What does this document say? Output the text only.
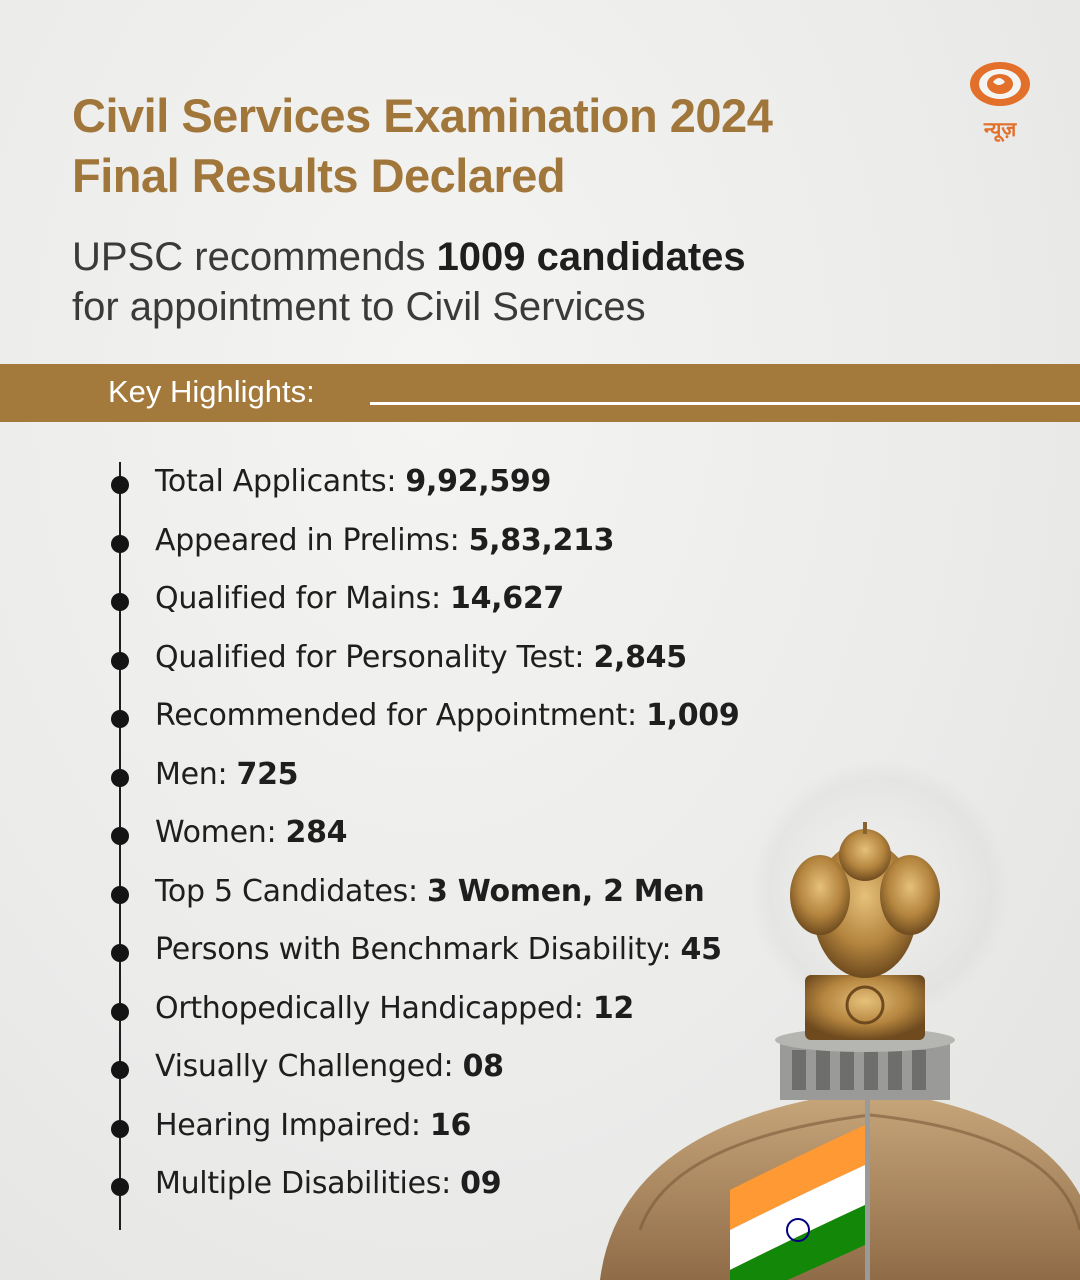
Civil Services Examination 2024
Final Results Declared
न्यूज़

UPSC recommends 1009 candidates
for appointment to Civil Services

Key Highlights:
Total Applicants: 9,92,599
Appeared in Prelims: 5,83,213
Qualified for Mains: 14,627
Qualified for Personality Test: 2,845
Recommended for Appointment: 1,009
Men: 725
Women: 284
Top 5 Candidates: 3 Women, 2 Men
Persons with Benchmark Disability: 45
Orthopedically Handicapped: 12
Visually Challenged: 08
Hearing Impaired: 16
Multiple Disabilities: 09
